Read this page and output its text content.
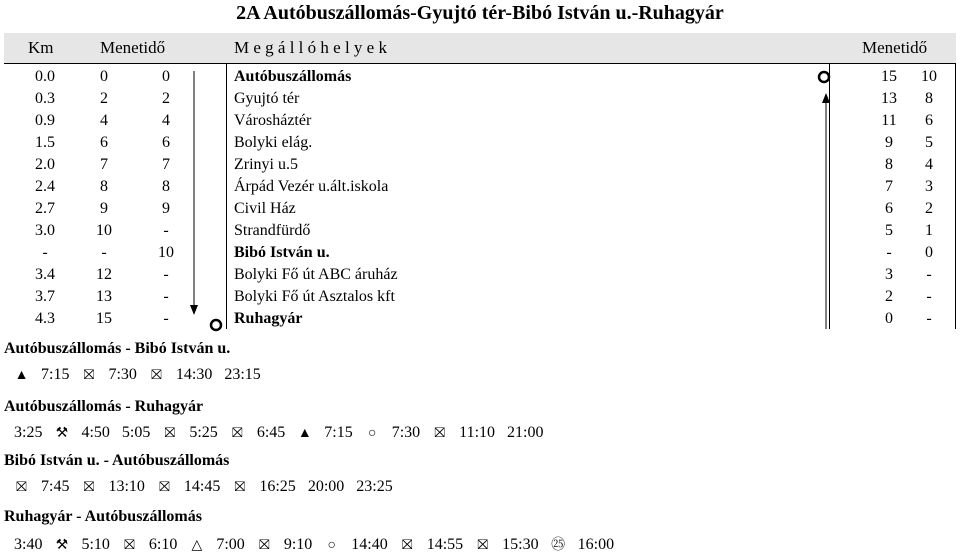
2A Autóbuszállomás-Gyujtó tér-Bibó István u.-Ruhagyár
Km	Menetidő	M e g á l l ó h e l y e k	Menetidő
0.0	0	0	Autóbuszállomás	15	10
0.3	2	2	Gyujtó tér	13	8
0.9	4	4	Városháztér	11	6
1.5	6	6	Bolyki elág.	9	5
2.0	7	7	Zrinyi u.5	8	4
2.4	8	8	Árpád Vezér u.ált.iskola	7	3
2.7	9	9	Civil Ház	6	2
3.0	10	-	Strandfürdő	5	1
-	-	10	Bibó István u.	-	0
3.4	12	-	Bolyki Fő út ABC áruház	3	-
3.7	13	-	Bolyki Fő út Asztalos kft	2	-
4.3	15	-	Ruhagyár	0	-
Autóbuszállomás - Bibó István u.
▲ 7:15 ⛝ 7:30 ⛝ 14:30 23:15
Autóbuszállomás - Ruhagyár
3:25 ⚒ 4:50 5:05 ⛝ 5:25 ⛝ 6:45 ▲ 7:15 ○ 7:30 ⛝ 11:10 21:00
Bibó István u. - Autóbuszállomás
⛝ 7:45 ⛝ 13:10 ⛝ 14:45 ⛝ 16:25 20:00 23:25
Ruhagyár - Autóbuszállomás
3:40 ⚒ 5:10 ⛝ 6:10 △ 7:00 ⛝ 9:10 ○ 14:40 ⛝ 14:55 ⛝ 15:30 ㉕ 16:00
